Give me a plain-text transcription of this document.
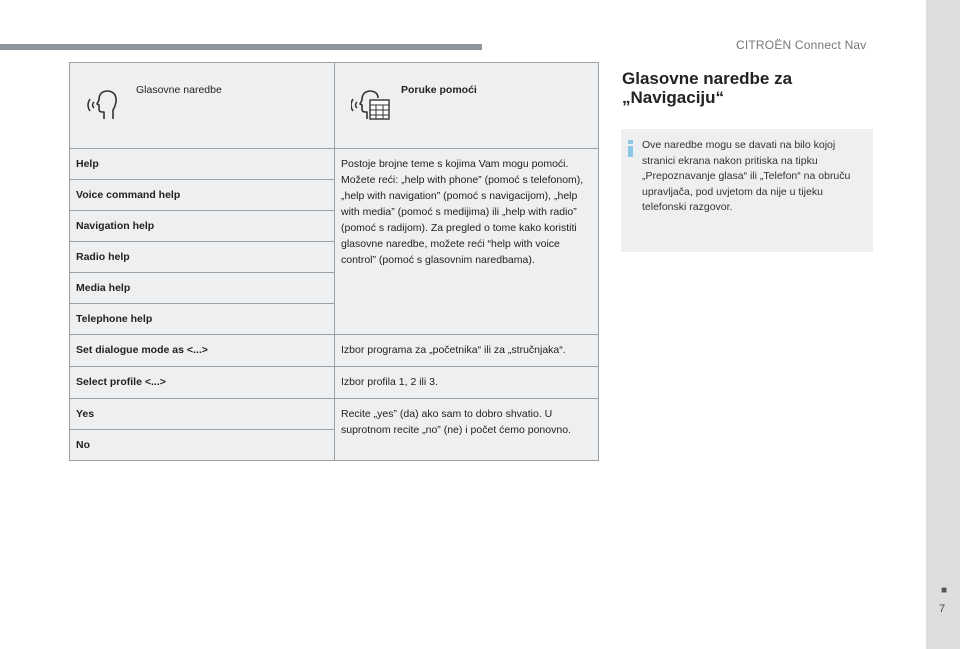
CITROËN Connect Nav
■
7
Glasovne naredbe	Poruke pomoći

Help	Postoje brojne teme s kojima Vam mogu pomoći. Možete reći: „help with phone” (pomoć s telefonom), „help with navigation” (pomoć s navigacijom), „help with media” (pomoć s medijima) ili „help with radio” (pomoć s radijom). Za pregled o tome kako koristiti glasovne naredbe, možete reći “help with voice control” (pomoć s glasovnim naredbama).
Voice command help	
Navigation help	
Radio help	
Media help	
Telephone help	
Set dialogue mode as <...>	Izbor programa za „početnika“ ili za „stručnjaka“.
Select profile <...>	Izbor profila 1, 2 ili 3.
Yes	Recite „yes” (da) ako sam to dobro shvatio. U suprotnom recite „no” (ne) i počet ćemo ponovno.
No	
Glasovne naredbe za „Navigaciju“
Ove naredbe mogu se davati na bilo kojoj stranici ekrana nakon pritiska na tipku „Prepoznavanje glasa“ ili „Telefon“ na obruču upravljača, pod uvjetom da nije u tijeku telefonski razgovor.
